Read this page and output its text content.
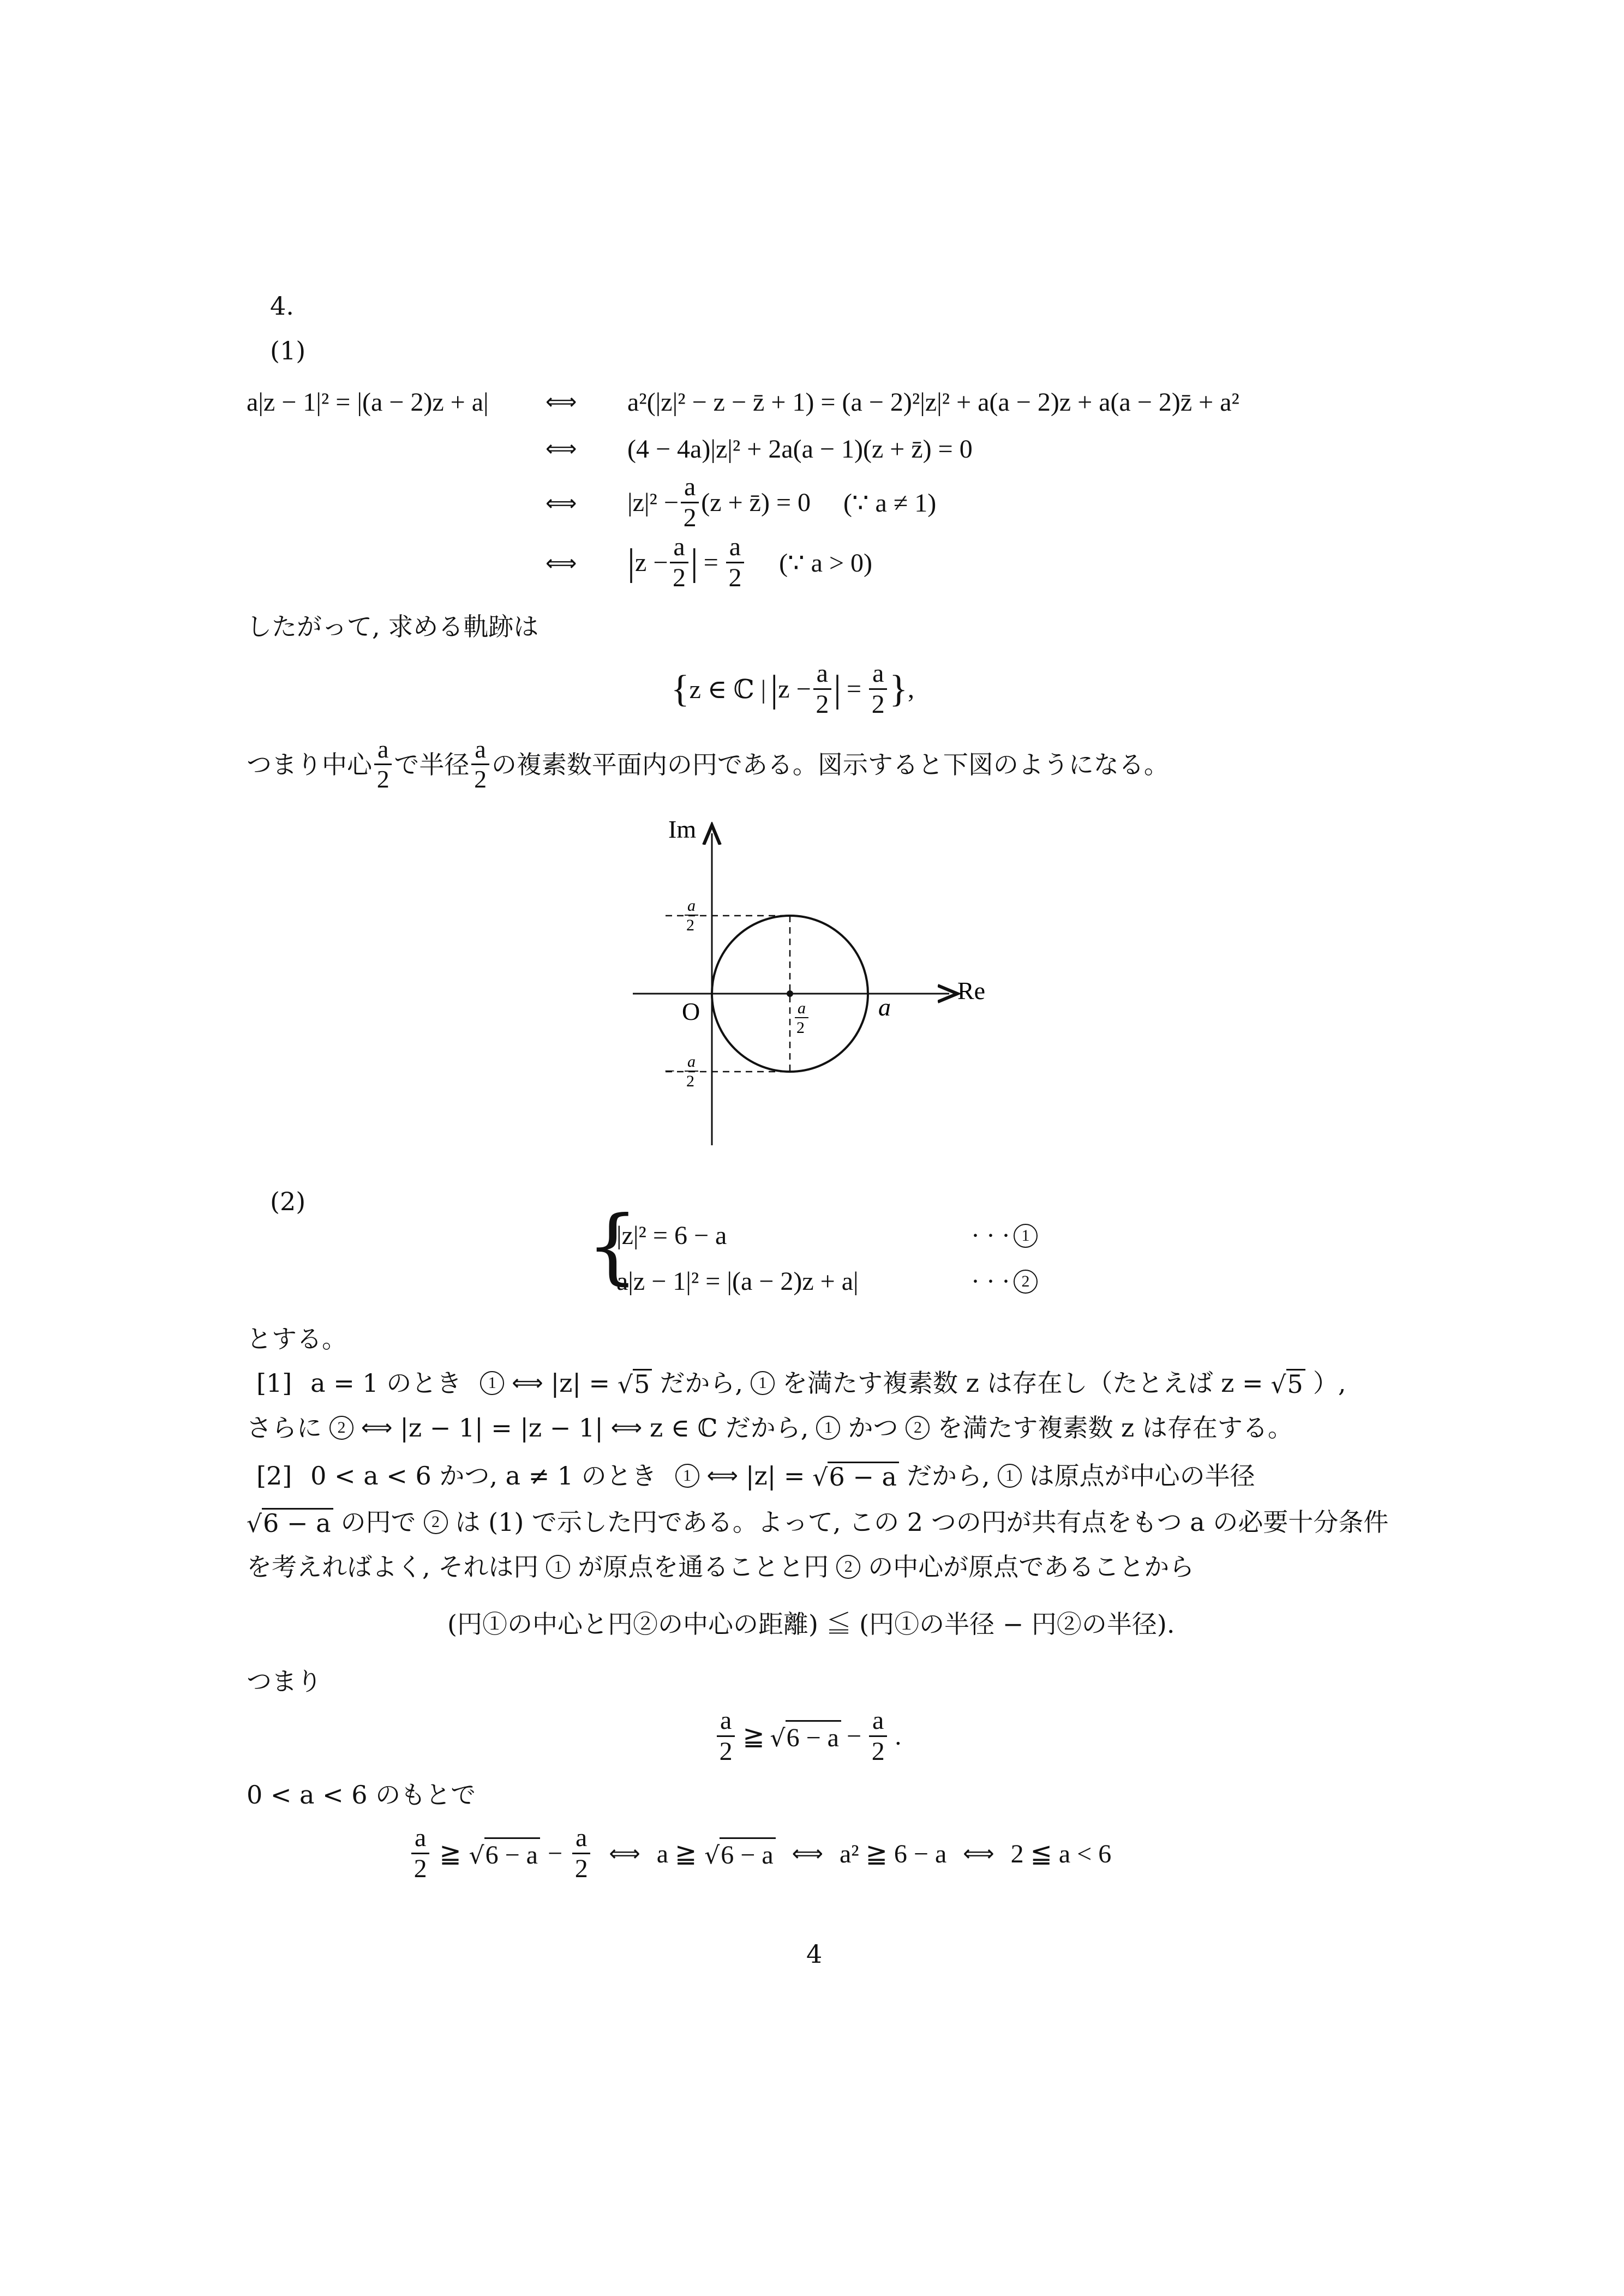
4.
(1)
a|z − 1|² = |(a − 2)z + a|	⟺ a²(|z|² − z − z̄ + 1) = (a − 2)²|z|² + a(a − 2)z + a(a − 2)z̄ + a²
⟺ (4 − 4a)|z|² + 2a(a − 1)(z + z̄) = 0
⟺ $|z|^2 - \frac{a}{2} (z$ + z̄) = 0 (∵ a ≠ 1)
⟺ | $z - \frac{a}{2}$ | = $\frac{a}{2}$ (∵ a > 0)
したがって, 求める軌跡は
{ z ∈ ℂ | | $z - \frac{a}{2}$ | = $\frac{a}{2}$ } ,
つまり中心 $\frac{a}{2}$ で半径 $\frac{a}{2}$ の複素数平面内の円である。図示すると下図のようになる。
Im
Re
O	a
a
2
a
2
− a
2
(2)	{
|z|² = 6 − a
a|z − 1|² = |(a − 2)z + a|
· · · 1
· · · 2
とする。
[1] a = 1 のとき	1 ⟺ |z| = √5 だから, 1 を満たす複素数 z は存在し（たとえば z = √5 ）,
さらに 2 ⟺ |z − 1| = |z − 1| ⟺ z ∈ ℂ だから, 1 かつ 2 を満たす複素数 z は存在する。
[2] 0 < a < 6 かつ, a ≠ 1 のとき	1 ⟺ |z| = √6 − a だから, 1 は原点が中心の半径
√6 − a の円で 2 は (1) で示した円である。よって, この 2 つの円が共有点をもつ a の必要十分条件
を考えればよく, それは円 1 が原点を通ることと円 2 の中心が原点であることから
(円①の中心と円②の中心の距離) ≦ (円①の半径 − 円②の半径).
つまり
$\frac{a}{2}$ ≧ $√6 - a - \frac{a}{2}$ .
0 < a < 6 のもとで
$\frac{a}{2}$ ≧ $√6 - a - \frac{a}{2}$ ⟺ a ≧ √6 − a ⟺ a² ≧ 6 − a ⟺ 2 ≦ a < 6
4
